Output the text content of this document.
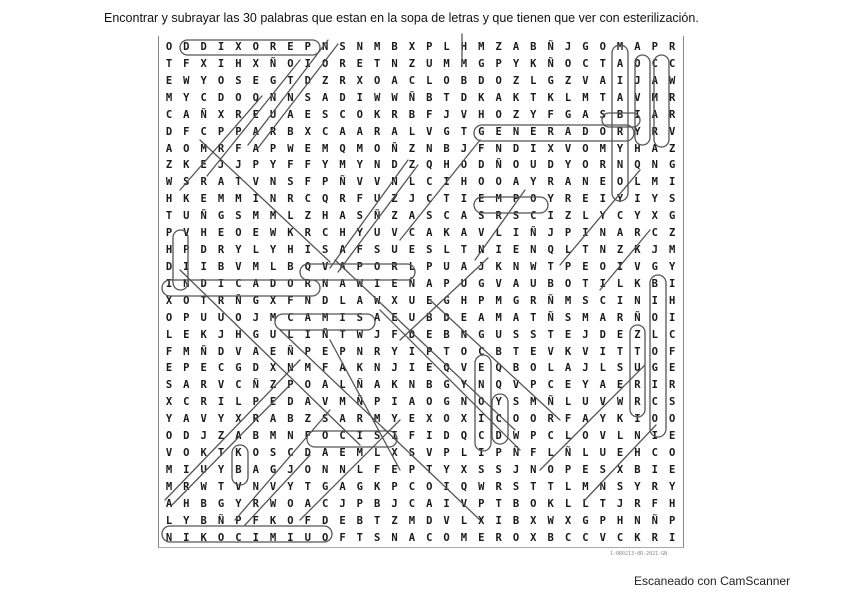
Encontrar y subrayar las 30 palabras que estan en la sopa de letras y que tienen que ver con esterilización.
O	D	D	I	X	O	R	E	P	N	S	N	M	B	X	P	L	H	M	Z	A	B	Ñ	J	G	O	M	A	P	R
T	F	X	I	H	X	Ñ	O	I	O	R	E	T	N	Z	U	M	M	G	P	Y	K	Ñ	O	C	T	A	O	C	C
E	W	Y	O	S	E	G	T	D	Z	R	X	O	A	C	L	O	B	D	O	Z	L	G	Z	V	A	I	J	A	W
M	Y	C	D	O	Q	N	N	S	A	D	I	W	W	Ñ	B	T	D	K	A	K	T	K	L	M	T	A	V	M	R
C	A	Ñ	X	R	E	U	A	E	S	C	O	K	R	B	F	J	V	H	O	Z	Y	F	G	A	S	B	I	A	R
D	F	C	P	P	A	R	B	X	C	A	A	R	A	L	V	G	T	G	E	N	E	R	A	D	O	R	Y	R	V
A	O	M	R	F	A	P	W	E	M	Q	M	O	Ñ	Z	N	B	J	F	N	D	I	X	V	O	M	Y	H	A	Z
Z	K	E	J	J	P	Y	F	F	Y	M	Y	N	D	Z	Q	H	O	D	Ñ	O	U	D	Y	O	R	N	Q	N	G
W	S	R	A	T	V	N	S	F	P	Ñ	V	V	N	L	C	I	H	O	O	A	Y	R	A	N	E	O	L	M	I
H	K	E	M	M	I	N	R	C	Q	R	F	U	Z	J	C	T	I	E	M	P	O	Y	R	E	I	Y	I	Y	S
T	U	Ñ	G	S	M	M	L	Z	H	A	S	Ñ	Z	A	S	C	A	S	R	S	C	I	Z	L	Y	C	Y	X	G
P	V	H	E	O	E	W	K	R	C	H	Y	U	V	C	A	K	A	V	L	I	Ñ	J	P	I	N	A	R	C	Z
H	P	D	R	Y	L	Y	H	I	S	A	F	S	U	E	S	L	T	N	I	E	N	Q	L	T	N	Z	K	J	M
D	I	I	B	V	M	L	B	Q	V	A	P	O	R	L	P	U	A	J	K	N	W	T	P	E	O	I	V	G	Y
I	N	D	I	C	A	D	O	R	N	A	W	I	E	Ñ	A	P	U	G	V	A	U	B	O	T	I	L	K	B	I
X	O	T	R	Ñ	G	X	F	N	D	L	A	W	X	U	E	G	H	P	M	G	R	Ñ	M	S	C	I	N	I	H
O	P	U	U	O	J	M	C	A	M	I	S	A	E	U	B	D	E	A	M	A	T	Ñ	S	M	A	R	Ñ	O	I
L	E	K	J	H	G	U	L	I	Ñ	T	W	J	F	D	E	B	N	G	U	S	S	T	E	J	D	E	Z	L	C
F	M	Ñ	D	V	A	E	Ñ	P	E	P	N	R	Y	I	P	T	O	C	B	T	E	V	K	V	I	T	T	O	F
E	P	E	C	G	D	X	N	M	F	A	K	N	J	I	E	Q	V	E	Q	B	O	L	A	J	L	S	U	G	E
S	A	R	V	C	Ñ	Z	P	O	A	L	Ñ	A	K	N	B	G	Y	N	Q	V	P	C	E	Y	A	E	R	I	R
X	C	R	I	L	P	E	D	A	V	M	Ñ	P	I	A	O	G	N	O	Y	S	M	Ñ	L	U	V	W	R	C	S
Y	A	V	Y	X	R	A	B	Z	S	A	R	M	Y	E	X	O	X	I	C	O	O	R	F	A	Y	K	I	O	O
O	D	J	Z	A	B	M	N	F	O	C	I	S	I	F	I	D	Q	C	D	W	P	C	L	O	V	L	N	I	E
V	O	K	T	K	O	S	C	D	A	E	M	L	X	S	V	P	L	I	P	Ñ	F	L	Ñ	L	U	E	H	C	O
M	I	U	Y	B	A	G	J	O	N	N	L	F	E	P	T	Y	X	S	S	J	N	O	P	E	S	X	B	I	E
M	R	W	T	V	N	V	Y	T	G	A	G	K	P	C	O	I	Q	W	R	S	T	T	L	M	N	S	Y	R	Y
A	H	B	G	Y	R	W	O	A	C	J	P	B	J	C	A	I	V	P	T	B	O	K	L	L	T	J	R	F	H
L	Y	B	Ñ	P	F	K	O	F	D	E	B	T	Z	M	D	V	L	X	I	B	X	W	X	G	P	H	N	Ñ	P
N	I	K	O	C	I	M	I	U	O	F	T	S	N	A	C	O	M	E	R	O	X	B	C	C	V	C	K	R	I
1-0R0213-0R-2021-GN
Escaneado con CamScanner
